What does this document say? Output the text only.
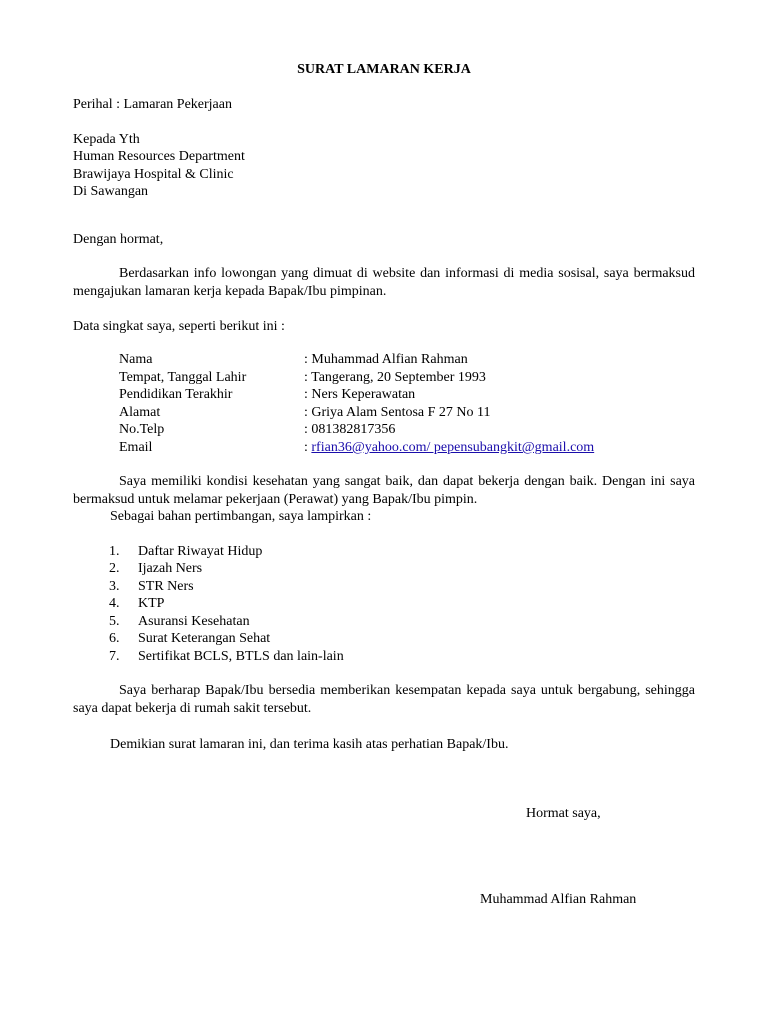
SURAT LAMARAN KERJA
Perihal : Lamaran Pekerjaan
Kepada Yth
Human Resources Department
Brawijaya Hospital & Clinic
Di Sawangan
Dengan hormat,
Berdasarkan info lowongan yang dimuat di website dan informasi di media sosisal, saya bermaksud mengajukan lamaran kerja kepada Bapak/Ibu pimpinan.
Data singkat saya, seperti berikut ini :
Nama	: Muhammad Alfian Rahman
Tempat, Tanggal Lahir	: Tangerang, 20 September 1993
Pendidikan Terakhir	: Ners Keperawatan
Alamat	: Griya Alam Sentosa F 27 No 11
No.Telp	: 081382817356
Email	: rfian36@yahoo.com/ pepensubangkit@gmail.com
Saya memiliki kondisi kesehatan yang sangat baik, dan dapat bekerja dengan baik. Dengan ini saya bermaksud untuk melamar pekerjaan (Perawat) yang Bapak/Ibu pimpin.
Sebagai bahan pertimbangan, saya lampirkan :
1. Daftar Riwayat Hidup
2. Ijazah Ners
3. STR Ners
4. KTP
5. Asuransi Kesehatan
6. Surat Keterangan Sehat
7. Sertifikat BCLS, BTLS dan lain-lain
Saya berharap Bapak/Ibu bersedia memberikan kesempatan kepada saya untuk bergabung, sehingga saya dapat bekerja di rumah sakit tersebut.
Demikian surat lamaran ini, dan terima kasih atas perhatian Bapak/Ibu.
Hormat saya,
Muhammad Alfian Rahman
